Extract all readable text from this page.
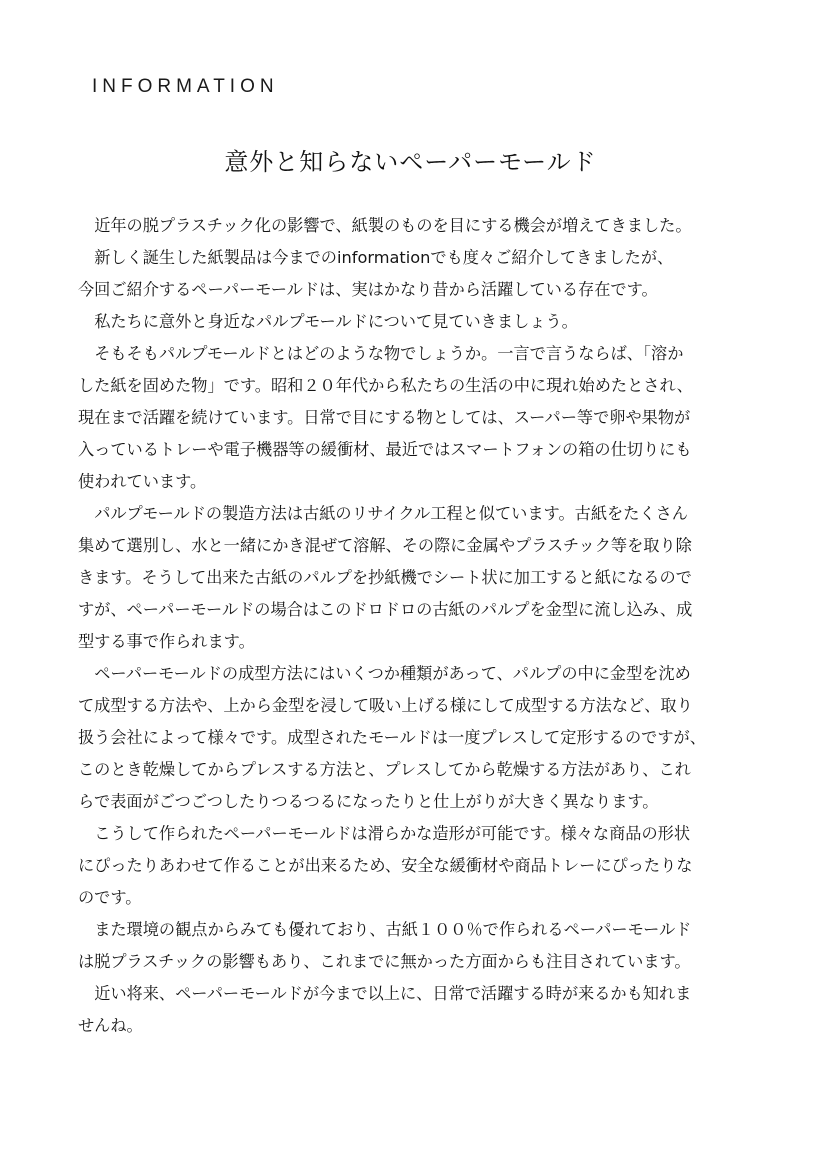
INFORMATION
意外と知らないペーパーモールド

近年の脱プラスチック化の影響で、紙製のものを目にする機会が増えてきました。

新しく誕生した紙製品は今までのinformationでも度々ご紹介してきましたが、
今回ご紹介するペーパーモールドは、実はかなり昔から活躍している存在です。

私たちに意外と身近なパルプモールドについて見ていきましょう。

そもそもパルプモールドとはどのような物でしょうか。一言で言うならば、「溶か
した紙を固めた物」です。昭和２０年代から私たちの生活の中に現れ始めたとされ、
現在まで活躍を続けています。日常で目にする物としては、スーパー等で卵や果物が
入っているトレーや電子機器等の緩衝材、最近ではスマートフォンの箱の仕切りにも
使われています。

パルプモールドの製造方法は古紙のリサイクル工程と似ています。古紙をたくさん
集めて選別し、水と一緒にかき混ぜて溶解、その際に金属やプラスチック等を取り除
きます。そうして出来た古紙のパルプを抄紙機でシート状に加工すると紙になるので
すが、ペーパーモールドの場合はこのドロドロの古紙のパルプを金型に流し込み、成
型する事で作られます。

ペーパーモールドの成型方法にはいくつか種類があって、パルプの中に金型を沈め
て成型する方法や、上から金型を浸して吸い上げる様にして成型する方法など、取り
扱う会社によって様々です。成型されたモールドは一度プレスして定形するのですが、
このとき乾燥してからプレスする方法と、プレスしてから乾燥する方法があり、これ
らで表面がごつごつしたりつるつるになったりと仕上がりが大きく異なります。

こうして作られたペーパーモールドは滑らかな造形が可能です。様々な商品の形状
にぴったりあわせて作ることが出来るため、安全な緩衝材や商品トレーにぴったりな
のです。

また環境の観点からみても優れており、古紙１００％で作られるペーパーモールド
は脱プラスチックの影響もあり、これまでに無かった方面からも注目されています。

近い将来、ペーパーモールドが今まで以上に、日常で活躍する時が来るかも知れま
せんね。
